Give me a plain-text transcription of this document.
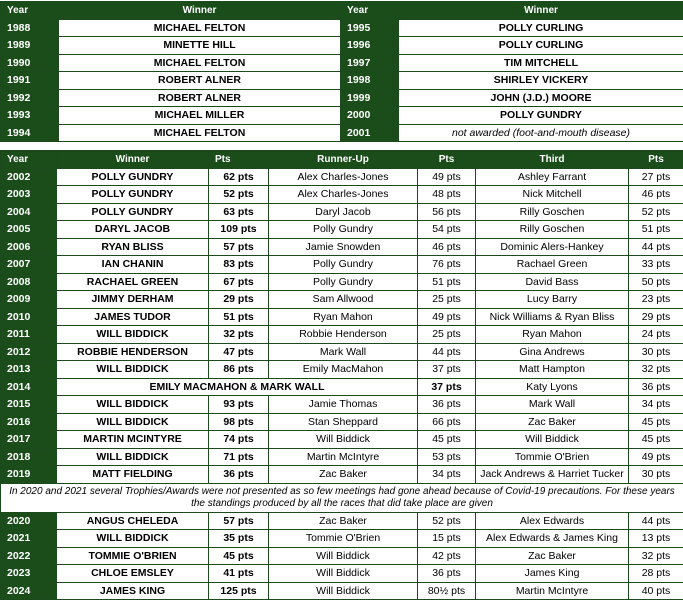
Year	Winner	Year	Winner
1988	MICHAEL FELTON	1995	POLLY CURLING
1989	MINETTE HILL	1996	POLLY CURLING
1990	MICHAEL FELTON	1997	TIM MITCHELL
1991	ROBERT ALNER	1998	SHIRLEY VICKERY
1992	ROBERT ALNER	1999	JOHN (J.D.) MOORE
1993	MICHAEL MILLER	2000	POLLY GUNDRY
1994	MICHAEL FELTON	2001	not awarded (foot-and-mouth disease)
Year	Winner	Pts	Runner-Up	Pts	Third	Pts
2002	POLLY GUNDRY	62 pts	Alex Charles-Jones	49 pts	Ashley Farrant	27 pts
2003	POLLY GUNDRY	52 pts	Alex Charles-Jones	48 pts	Nick Mitchell	46 pts
2004	POLLY GUNDRY	63 pts	Daryl Jacob	56 pts	Rilly Goschen	52 pts
2005	DARYL JACOB	109 pts	Polly Gundry	54 pts	Rilly Goschen	51 pts
2006	RYAN BLISS	57 pts	Jamie Snowden	46 pts	Dominic Alers-Hankey	44 pts
2007	IAN CHANIN	83 pts	Polly Gundry	76 pts	Rachael Green	33 pts
2008	RACHAEL GREEN	67 pts	Polly Gundry	51 pts	David Bass	50 pts
2009	JIMMY DERHAM	29 pts	Sam Allwood	25 pts	Lucy Barry	23 pts
2010	JAMES TUDOR	51 pts	Ryan Mahon	49 pts	Nick Williams & Ryan Bliss	29 pts
2011	WILL BIDDICK	32 pts	Robbie Henderson	25 pts	Ryan Mahon	24 pts
2012	ROBBIE HENDERSON	47 pts	Mark Wall	44 pts	Gina Andrews	30 pts
2013	WILL BIDDICK	86 pts	Emily MacMahon	37 pts	Matt Hampton	32 pts
2014	EMILY MACMAHON & MARK WALL			37 pts	Katy Lyons	36 pts
2015	WILL BIDDICK	93 pts	Jamie Thomas	36 pts	Mark Wall	34 pts
2016	WILL BIDDICK	98 pts	Stan Sheppard	66 pts	Zac Baker	45 pts
2017	MARTIN MCINTYRE	74 pts	Will Biddick	45 pts	Will Biddick	45 pts
2018	WILL BIDDICK	71 pts	Martin McIntyre	53 pts	Tommie O'Brien	49 pts
2019	MATT FIELDING	36 pts	Zac Baker	34 pts	Jack Andrews & Harriet Tucker	30 pts
In 2020 and 2021 several Trophies/Awards were not presented as so few meetings had gone ahead because of Covid-19 precautions. For these years the standings produced by all the races that did take place are given						
2020	ANGUS CHELEDA	57 pts	Zac Baker	52 pts	Alex Edwards	44 pts
2021	WILL BIDDICK	35 pts	Tommie O'Brien	15 pts	Alex Edwards & James King	13 pts
2022	TOMMIE O'BRIEN	45 pts	Will Biddick	42 pts	Zac Baker	32 pts
2023	CHLOE EMSLEY	41 pts	Will Biddick	36 pts	James King	28 pts
2024	JAMES KING	125 pts	Will Biddick	80½ pts	Martin McIntyre	40 pts
